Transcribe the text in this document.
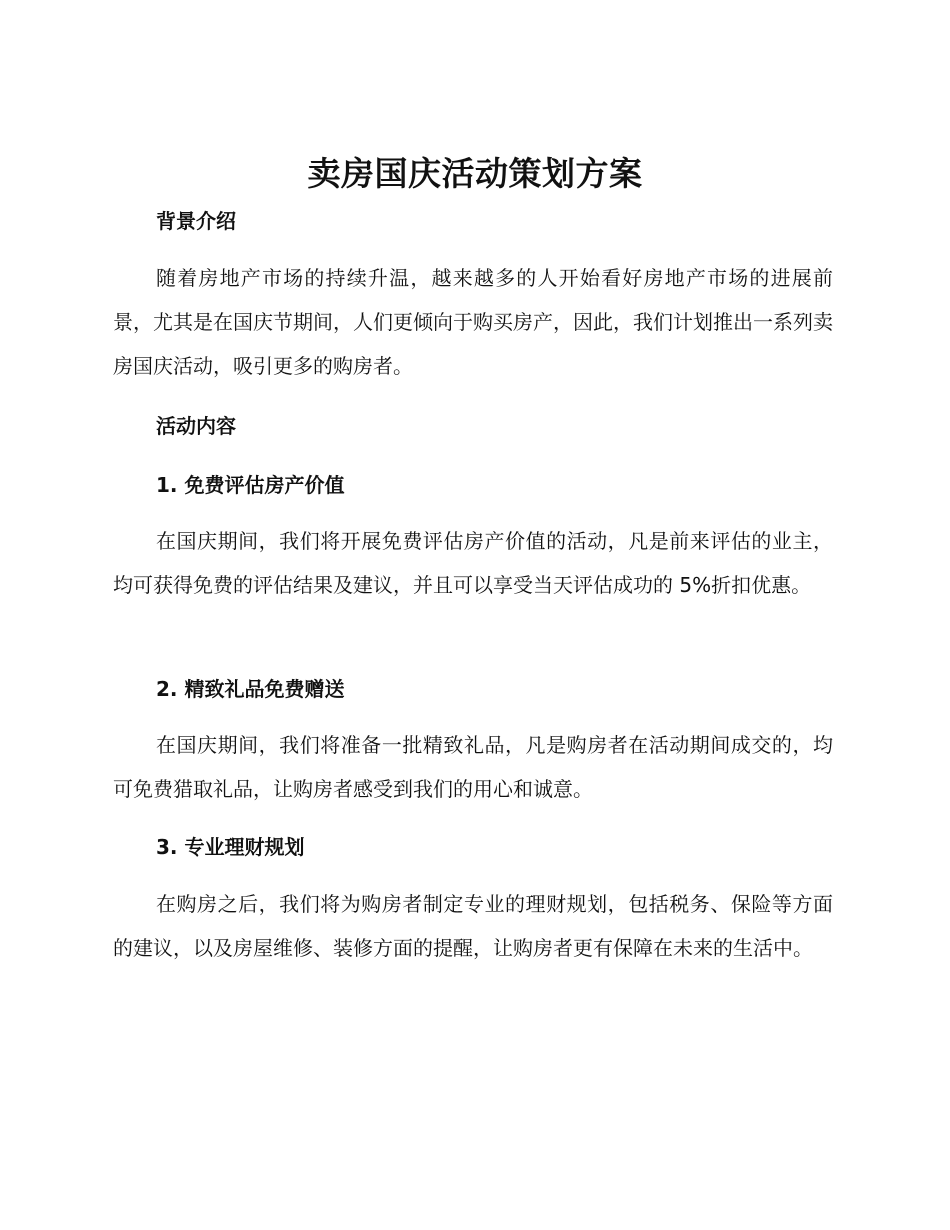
卖房国庆活动策划方案
背景介绍
随着房地产市场的持续升温，越来越多的人开始看好房地产市场的进展前景，尤其是在国庆节期间，人们更倾向于购买房产，因此，我们计划推出一系列卖房国庆活动，吸引更多的购房者。
活动内容
1. 免费评估房产价值
在国庆期间，我们将开展免费评估房产价值的活动，凡是前来评估的业主，均可获得免费的评估结果及建议，并且可以享受当天评估成功的 5%折扣优惠。
2. 精致礼品免费赠送
在国庆期间，我们将准备一批精致礼品，凡是购房者在活动期间成交的，均可免费猎取礼品，让购房者感受到我们的用心和诚意。
3. 专业理财规划
在购房之后，我们将为购房者制定专业的理财规划，包括税务、保险等方面的建议，以及房屋维修、装修方面的提醒，让购房者更有保障在未来的生活中。
